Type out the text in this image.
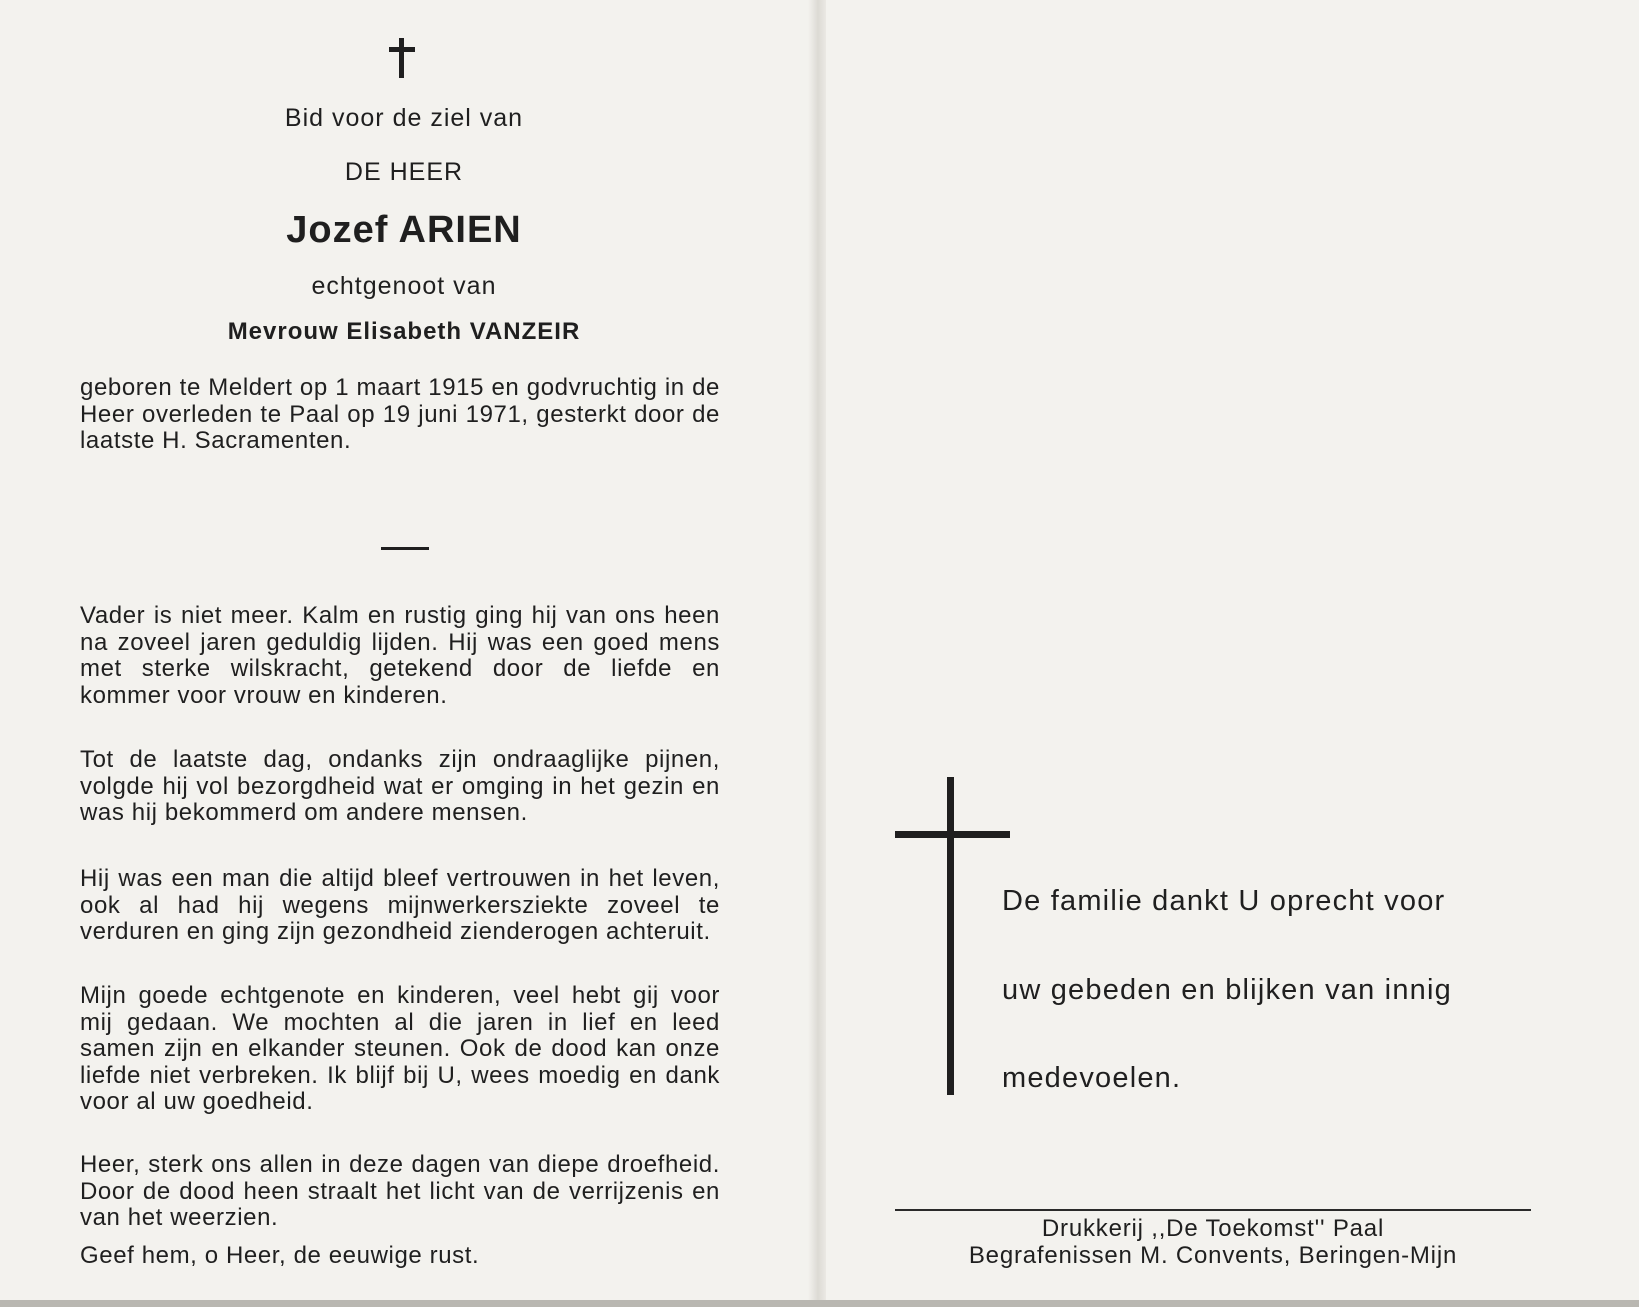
Bid voor de ziel van
DE HEER
Jozef ARIEN
echtgenoot van
Mevrouw Elisabeth VANZEIR
geboren te Meldert op 1 maart 1915 en godvruchtig in de Heer overleden te Paal op 19 juni 1971, gesterkt door de laatste H. Sacramenten.
Vader is niet meer. Kalm en rustig ging hij van ons heen na zoveel jaren geduldig lijden. Hij was een goed mens met sterke wilskracht, getekend door de liefde en kommer voor vrouw en kinderen.
Tot de laatste dag, ondanks zijn ondraaglijke pijnen, volgde hij vol bezorgdheid wat er omging in het gezin en was hij bekommerd om andere mensen.
Hij was een man die altijd bleef vertrouwen in het leven, ook al had hij wegens mijnwerkersziekte zoveel te verduren en ging zijn gezondheid zienderogen achteruit.
Mijn goede echtgenote en kinderen, veel hebt gij voor mij gedaan. We mochten al die jaren in lief en leed samen zijn en elkander steunen. Ook de dood kan onze liefde niet verbreken. Ik blijf bij U, wees moedig en dank voor al uw goedheid.
Heer, sterk ons allen in deze dagen van diepe droefheid. Door de dood heen straalt het licht van de verrijzenis en van het weerzien.
Geef hem, o Heer, de eeuwige rust.
De familie dankt U oprecht voor
uw gebeden en blijken van innig
medevoelen.
Drukkerij ,,De Toekomst'' Paal
Begrafenissen M. Convents, Beringen-Mijn
